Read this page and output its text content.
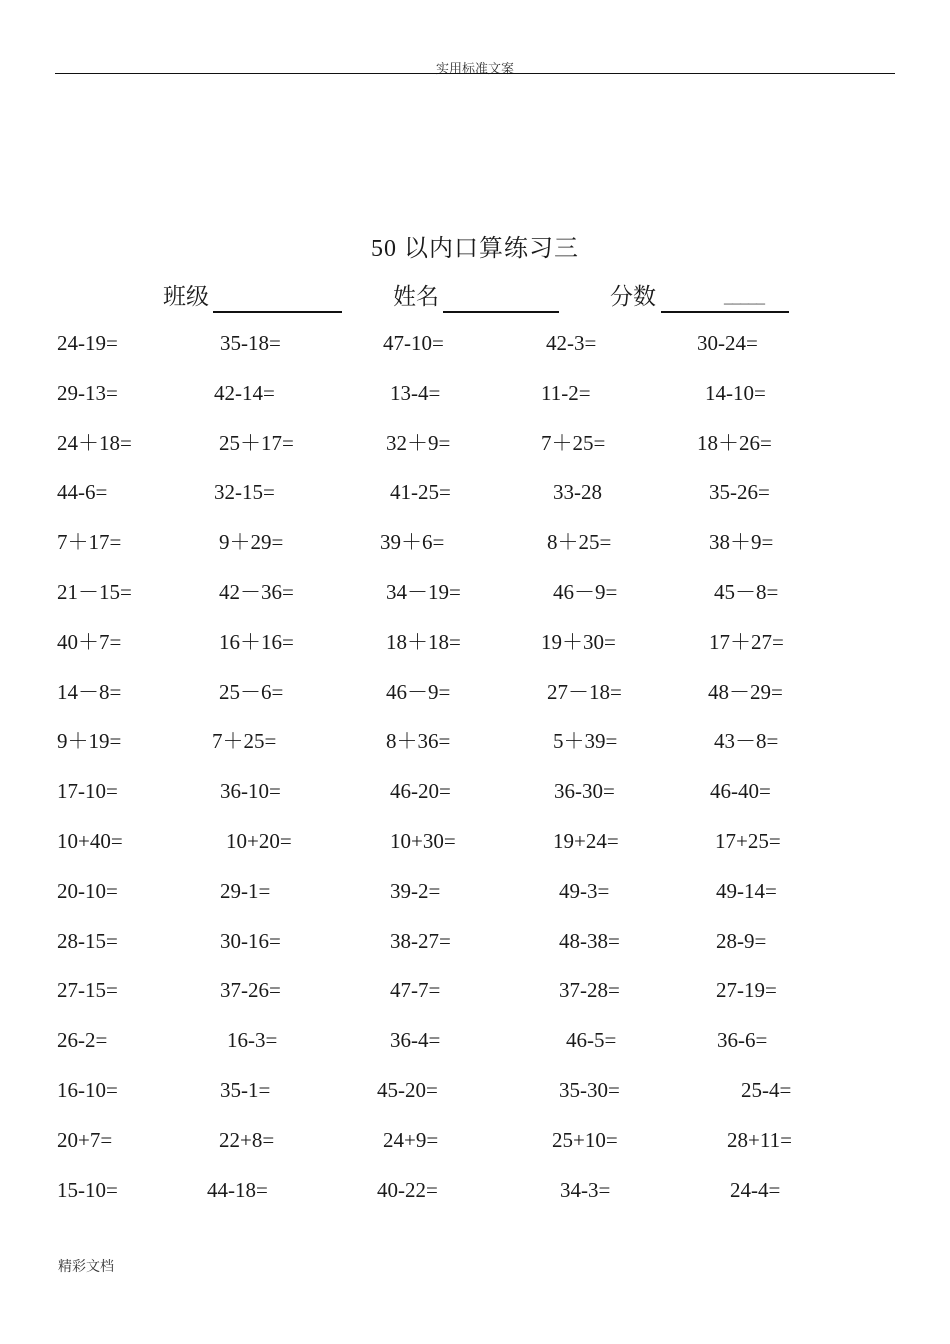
实用标准文案
50 以内口算练习三
班级	姓名	分数	_____
24-19=	35-18=	47-10=	42-3=	30-24=
29-13=	42-14=	13-4=	11-2=	14-10=
24＋18=	25＋17=	32＋9=	7＋25=	18＋26=
44-6=	32-15=	41-25=	33-28	35-26=
7＋17=	9＋29=	39＋6=	8＋25=	38＋9=
21－15=	42－36=	34－19=	46－9=	45－8=
40＋7=	16＋16=	18＋18=	19＋30=	17＋27=
14－8=	25－6=	46－9=	27－18=	48－29=
9＋19=	7＋25=	8＋36=	5＋39=	43－8=
17-10=	36-10=	46-20=	36-30=	46-40=
10+40=	10+20=	10+30=	19+24=	17+25=
20-10=	29-1=	39-2=	49-3=	49-14=
28-15=	30-16=	38-27=	48-38=	28-9=
27-15=	37-26=	47-7=	37-28=	27-19=
26-2=	16-3=	36-4=	46-5=	36-6=
16-10=	35-1=	45-20=	35-30=	25-4=
20+7=	22+8=	24+9=	25+10=	28+11=
15-10=	44-18=	40-22=	34-3=	24-4=
精彩文档
